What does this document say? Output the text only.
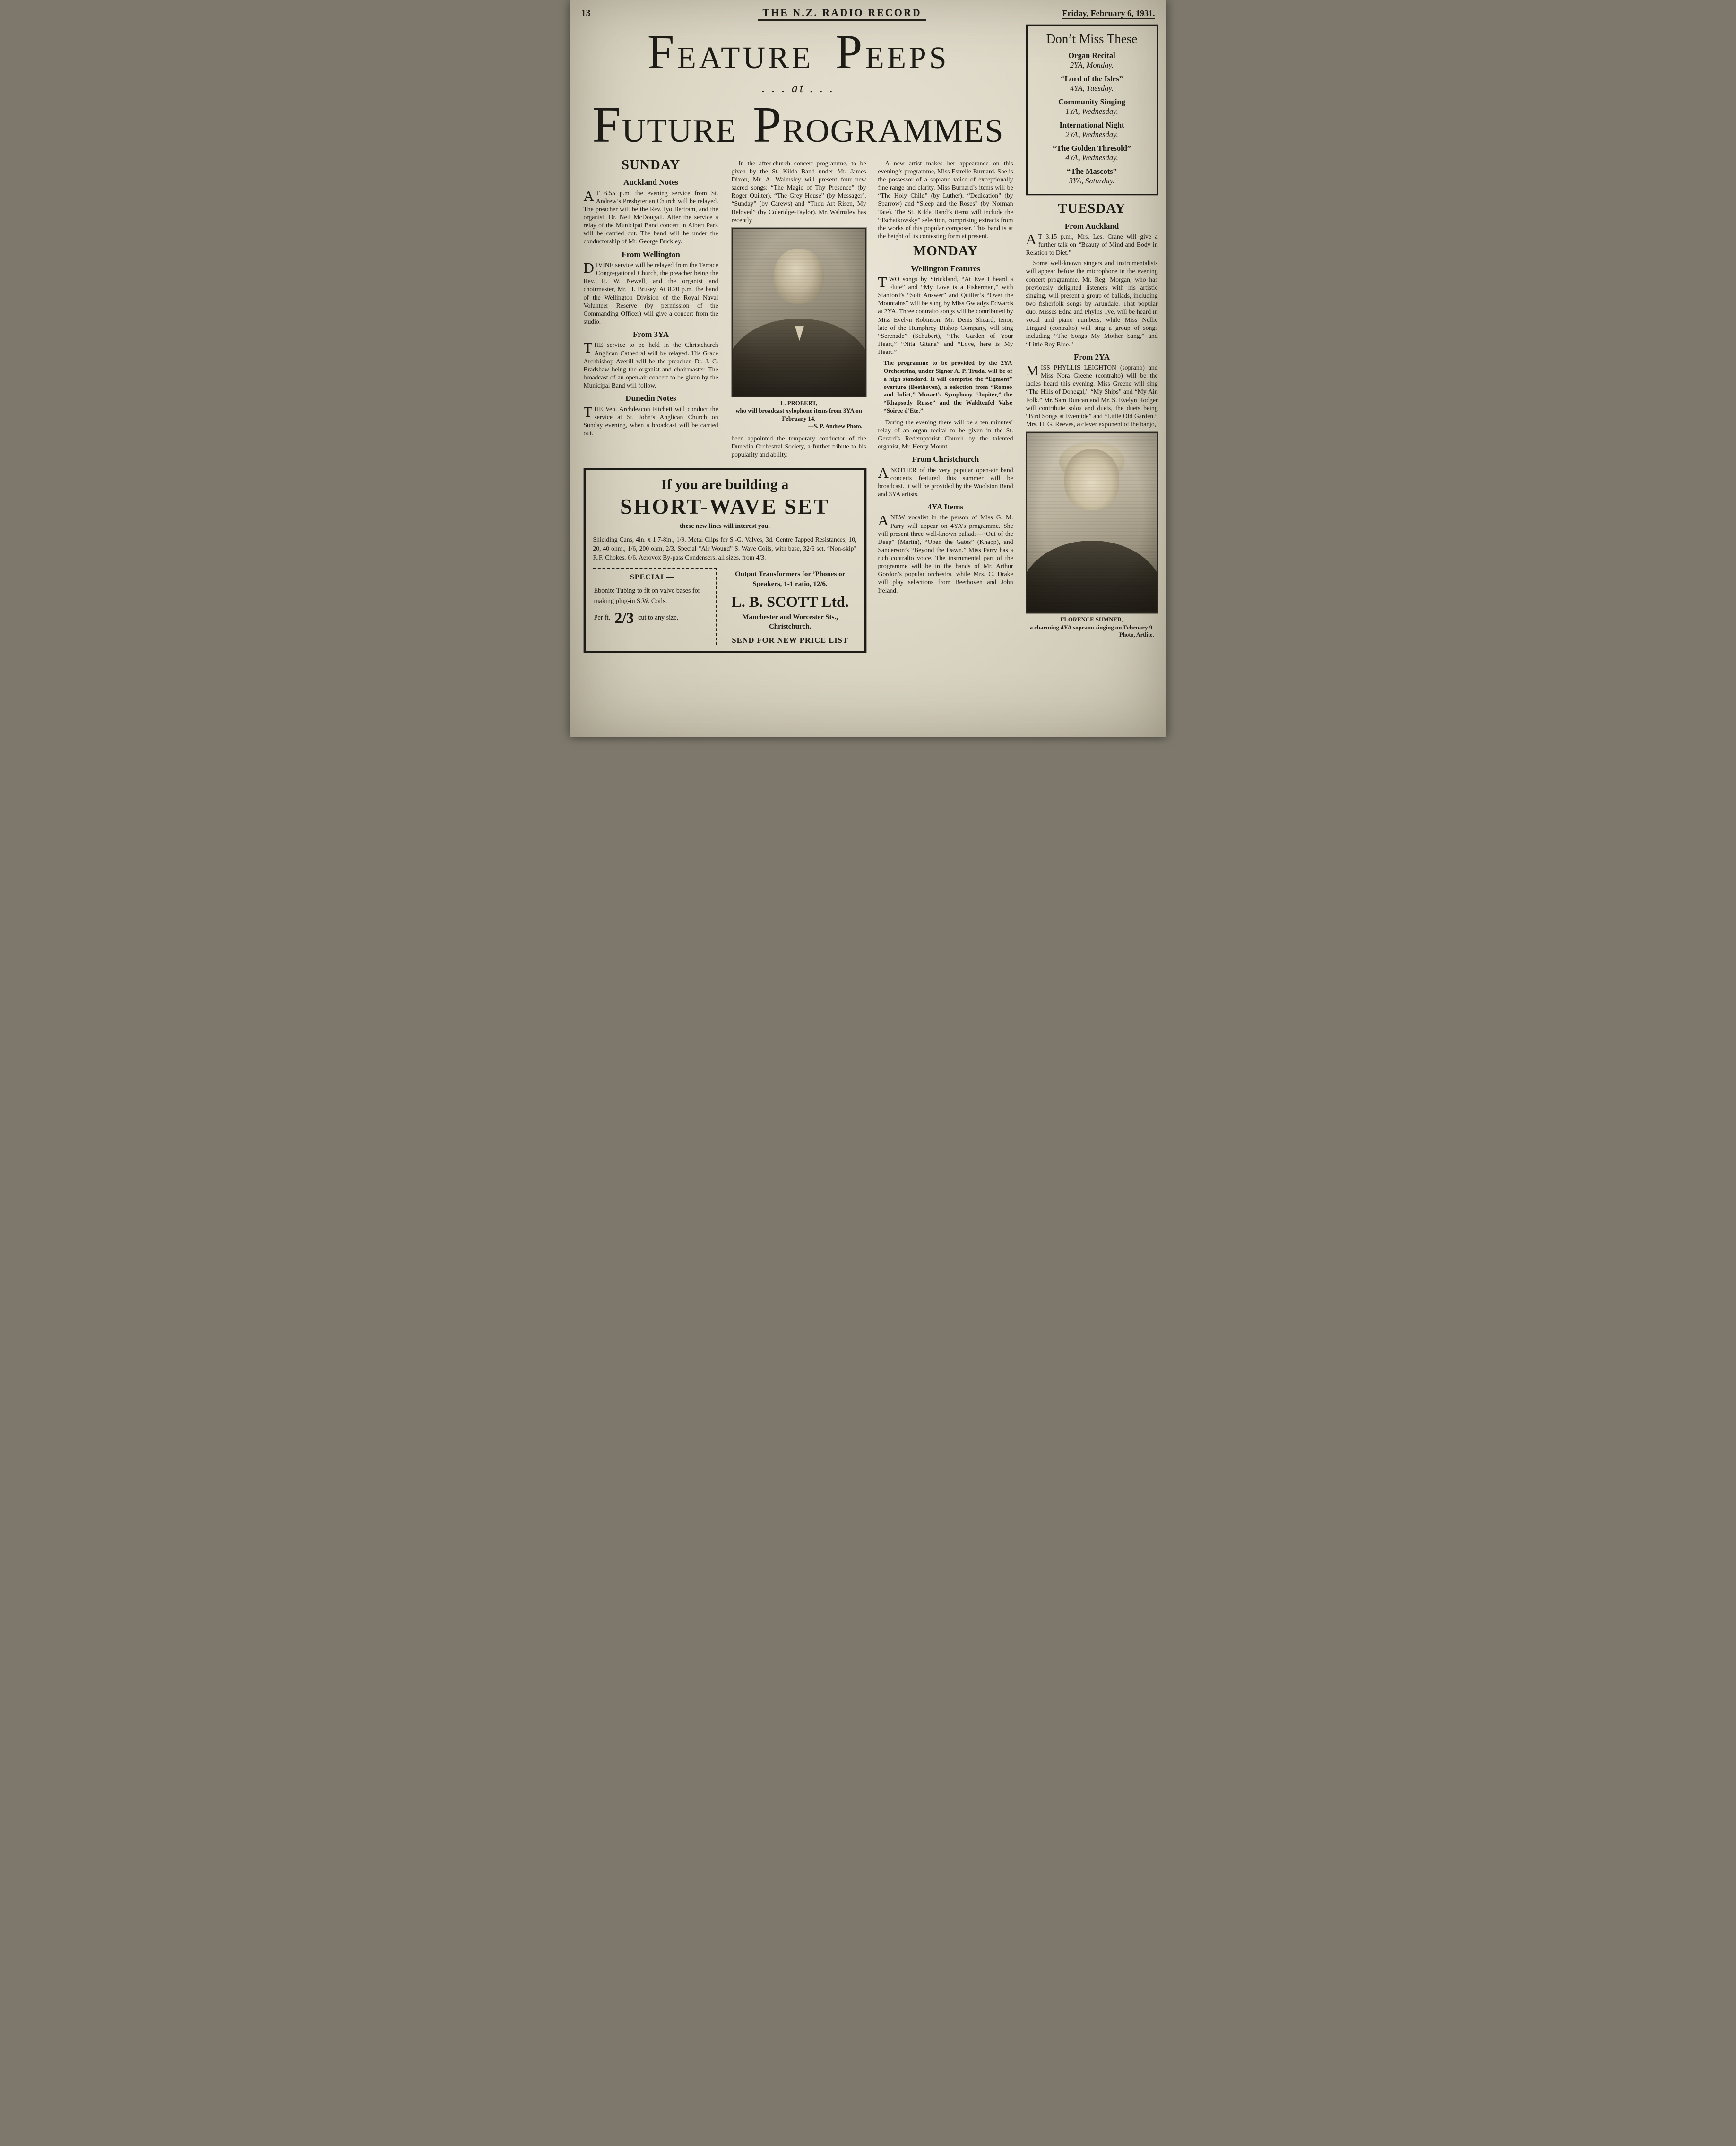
13	THE N.Z. RADIO RECORD	Friday, February 6, 1931.
FEATURE PEEPS
. . . at . . .
FUTURE PROGRAMMES
SUNDAY
Auckland Notes

A T 6.55 p.m. the evening service from St. Andrew’s Presbyterian Church will be relayed. The preacher will be the Rev. Iyo Bertram, and the organist, Dr. Neil McDougall. After the service a relay of the Municipal Band concert in Albert Park will be carried out. The band will be under the conductorship of Mr. George Buckley.

From Wellington

DIVINE service will be relayed from the Terrace Congregational Church, the preacher being the Rev. H. W. Newell, and the organist and choirmaster, Mr. H. Brusey. At 8.20 p.m. the band of the Wellington Division of the Royal Naval Volunteer Reserve (by permission of the Commanding Officer) will give a concert from the studio.

From 3YA

THE service to be held in the Christchurch Anglican Cathedral will be relayed. His Grace Archbishop Averill will be the preacher, Dr. J. C. Bradshaw being the organist and choirmaster. The broadcast of an open-air concert to be given by the Municipal Band will follow.

Dunedin Notes

THE Ven. Archdeacon Fitchett will conduct the service at St. John’s Anglican Church on Sunday evening, when a broadcast will be carried out.

In the after-church concert programme, to be given by the St. Kilda Band under Mr. James Dixon, Mr. A. Walmsley will present four new sacred songs: “The Magic of Thy Presence” (by Roger Quilter), “The Grey House” (by Messager), “Sunday” (by Carews) and “Thou Art Risen, My Beloved” (by Coleridge-Taylor). Mr. Walmsley has recently

L. PROBERT,
who will broadcast xylophone items from 3YA on February 14.
—S. P. Andrew Photo.

been appointed the temporary conductor of the Dunedin Orchestral Society, a further tribute to his popularity and ability.

If you are building a
SHORT-WAVE SET
these new lines will interest you.

Shielding Cans, 4in. x 1 7-8in., 1/9. Metal Clips for S.-G. Valves, 3d. Centre Tapped Resistances, 10, 20, 40 ohm., 1/6, 200 ohm, 2/3. Special “Air Wound” S. Wave Coils, with base, 32/6 set. “Non-skip” R.F. Chokes, 6/6. Aerovox By-pass Condensers, all sizes, from 4/3.

SPECIAL—
Ebonite Tubing to fit on valve bases for making plug-in S.W. Coils.
Per ft. 2/3 cut to any size.
Output Transformers for ’Phones or Speakers, 1-1 ratio, 12/6.
L. B. SCOTT Ltd.
Manchester and Worcester Sts., Christchurch.
SEND FOR NEW PRICE LIST

A new artist makes her appearance on this evening’s programme, Miss Estrelle Burnard. She is the possessor of a soprano voice of exceptionally fine range and clarity. Miss Burnard’s items will be “The Holy Child” (by Luther), “Dedication” (by Sparrow) and “Sleep and the Roses” (by Norman Tate). The St. Kilda Band’s items will include the “Tschaikowsky” selection, comprising extracts from the works of this popular composer. This band is at the height of its contesting form at present.

MONDAY
Wellington Features

TWO songs by Strickland, “At Eve I heard a Flute” and “My Love is a Fisherman,” with Stanford’s “Soft Answer” and Quilter’s “Over the Mountains” will be sung by Miss Gwladys Edwards at 2YA. Three contralto songs will be contributed by Miss Evelyn Robinson. Mr. Denis Sheard, tenor, late of the Humphrey Bishop Company, will sing “Serenade” (Schubert), “The Garden of Your Heart,” “Nita Gitana” and “Love, here is My Heart.”

The programme to be provided by the 2YA Orchestrina, under Signor A. P. Truda, will be of a high standard. It will comprise the “Egmont” overture (Beethoven), a selection from “Romeo and Juliet,” Mozart’s Symphony “Jupiter,” the “Rhapsody Russe” and the Waldteufel Valse “Soiree d’Ete.”

During the evening there will be a ten minutes’ relay of an organ recital to be given in the St. Gerard’s Redemptorist Church by the talented organist, Mr. Henry Mount.

From Christchurch

ANOTHER of the very popular open-air band concerts featured this summer will be broadcast. It will be provided by the Woolston Band and 3YA artists.

4YA Items

ANEW vocalist in the person of Miss G. M. Parry will appear on 4YA’s programme. She will present three well-known ballads—“Out of the Deep” (Martin), “Open the Gates” (Knapp), and Sanderson’s “Beyond the Dawn.” Miss Parry has a rich contralto voice. The instrumental part of the programme will be in the hands of Mr. Arthur Gordon’s popular orchestra, while Mrs. C. Drake will play selections from Beethoven and John Ireland.

Don’t Miss These
Organ Recital
2YA, Monday.
“Lord of the Isles”
4YA, Tuesday.
Community Singing
1YA, Wednesday.
International Night
2YA, Wednesday.
“The Golden Thresold”
4YA, Wednesday.
“The Mascots”
3YA, Saturday.
TUESDAY
From Auckland

A T 3.15 p.m., Mrs. Les. Crane will give a further talk on “Beauty of Mind and Body in Relation to Diet.”

Some well-known singers and instrumentalists will appear before the microphone in the evening concert programme. Mr. Reg. Morgan, who has previously delighted listeners with his artistic singing, will present a group of ballads, including two fisherfolk songs by Arundale. That popular duo, Misses Edna and Phyllis Tye, will be heard in vocal and piano numbers, while Miss Nellie Lingard (contralto) will sing a group of songs including “The Songs My Mother Sang,” and “Little Boy Blue.”

From 2YA

MISS PHYLLIS LEIGHTON (soprano) and Miss Nora Greene (contralto) will be the ladies heard this evening. Miss Greene will sing “The Hills of Donegal,” “My Ships” and “My Ain Folk.” Mr. Sam Duncan and Mr. S. Evelyn Rodger will contribute solos and duets, the duets being “Bird Songs at Eventide” and “Little Old Garden.” Mrs. H. G. Reeves, a clever exponent of the banjo,

FLORENCE SUMNER,
a charming 4YA soprano singing on February 9.
Photo, Artlite.
